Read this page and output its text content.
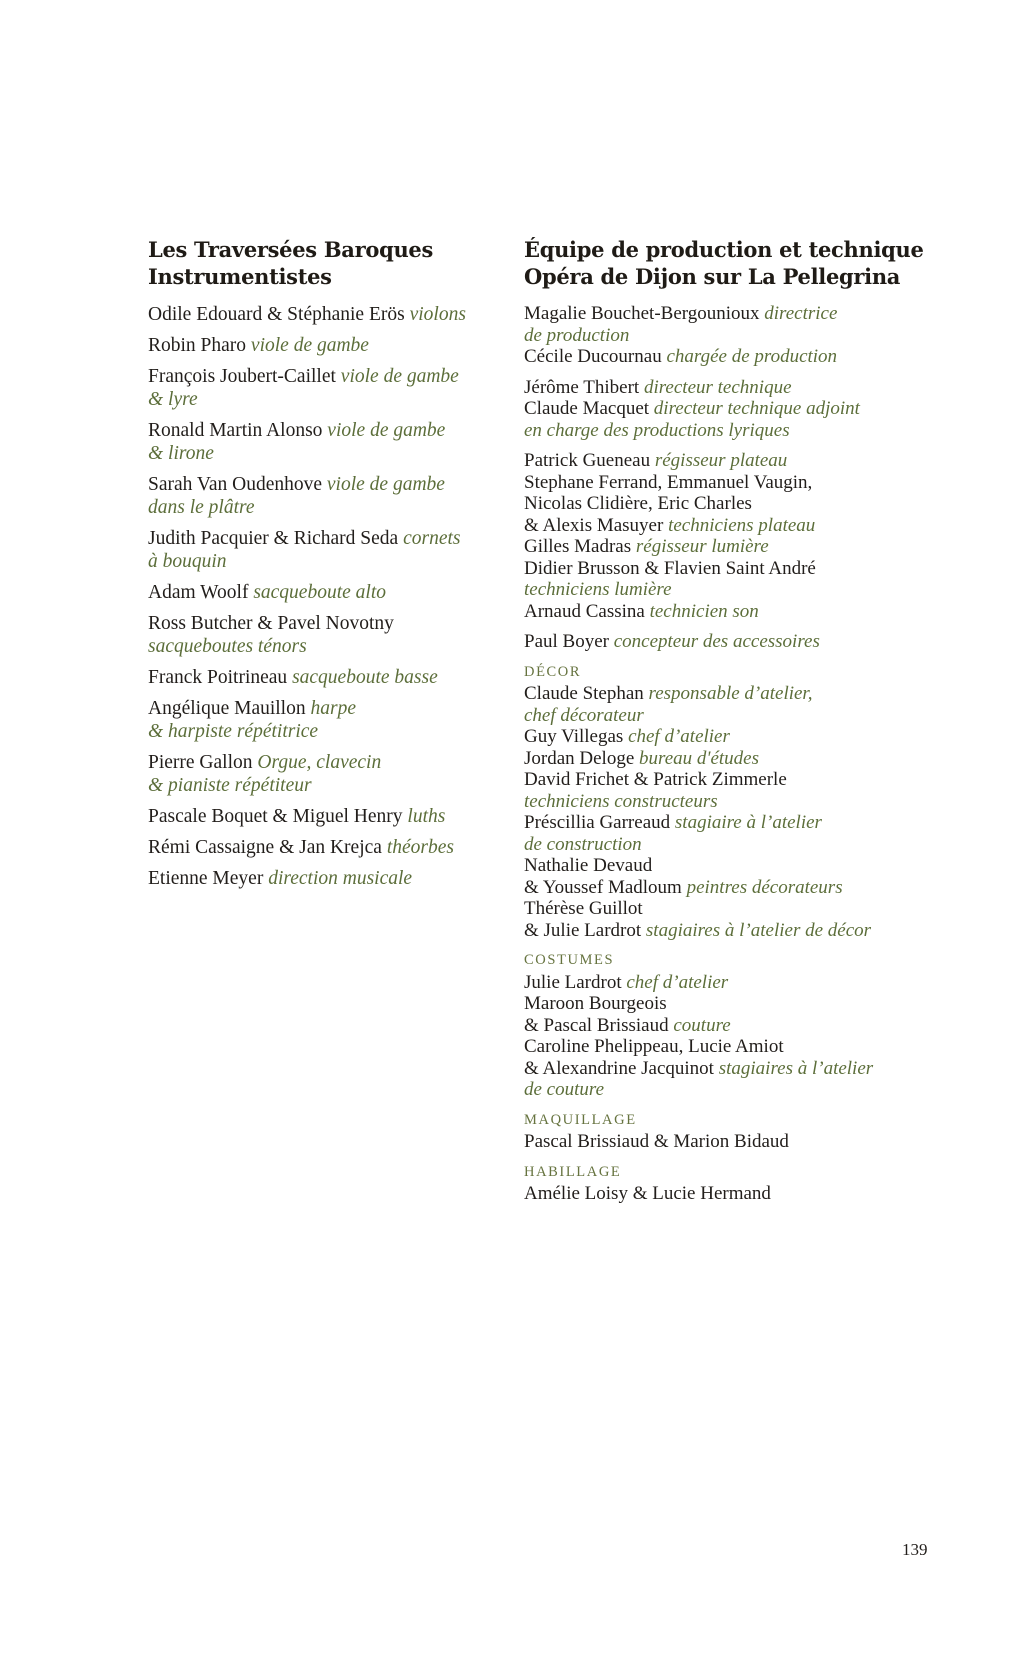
Les Traversées Baroques
Instrumentistes
Odile Edouard & Stéphanie Erös violons
Robin Pharo viole de gambe
François Joubert-Caillet viole de gambe
& lyre
Ronald Martin Alonso viole de gambe
& lirone
Sarah Van Oudenhove viole de gambe
dans le plâtre
Judith Pacquier & Richard Seda cornets
à bouquin
Adam Woolf sacqueboute alto
Ross Butcher & Pavel Novotny
sacqueboutes ténors
Franck Poitrineau sacqueboute basse
Angélique Mauillon harpe
& harpiste répétitrice
Pierre Gallon Orgue, clavecin
& pianiste répétiteur
Pascale Boquet & Miguel Henry luths
Rémi Cassaigne & Jan Krejca théorbes
Etienne Meyer direction musicale
Équipe de production et technique
Opéra de Dijon sur La Pellegrina
Magalie Bouchet-Bergounioux directrice
de production
Cécile Ducournau chargée de production
Jérôme Thibert directeur technique
Claude Macquet directeur technique adjoint
en charge des productions lyriques
Patrick Gueneau régisseur plateau
Stephane Ferrand, Emmanuel Vaugin,
Nicolas Clidière, Eric Charles
& Alexis Masuyer techniciens plateau
Gilles Madras régisseur lumière
Didier Brusson & Flavien Saint André
techniciens lumière
Arnaud Cassina technicien son
Paul Boyer concepteur des accessoires
DÉCOR
Claude Stephan responsable d’atelier,
chef décorateur
Guy Villegas chef d’atelier
Jordan Deloge bureau d'études
David Frichet & Patrick Zimmerle
techniciens constructeurs
Préscillia Garreaud stagiaire à l’atelier
de construction
Nathalie Devaud
& Youssef Madloum peintres décorateurs
Thérèse Guillot
& Julie Lardrot stagiaires à l’atelier de décor
COSTUMES
Julie Lardrot chef d’atelier
Maroon Bourgeois
& Pascal Brissiaud couture
Caroline Phelippeau, Lucie Amiot
& Alexandrine Jacquinot stagiaires à l’atelier
de couture
MAQUILLAGE
Pascal Brissiaud & Marion Bidaud
HABILLAGE
Amélie Loisy & Lucie Hermand
139
